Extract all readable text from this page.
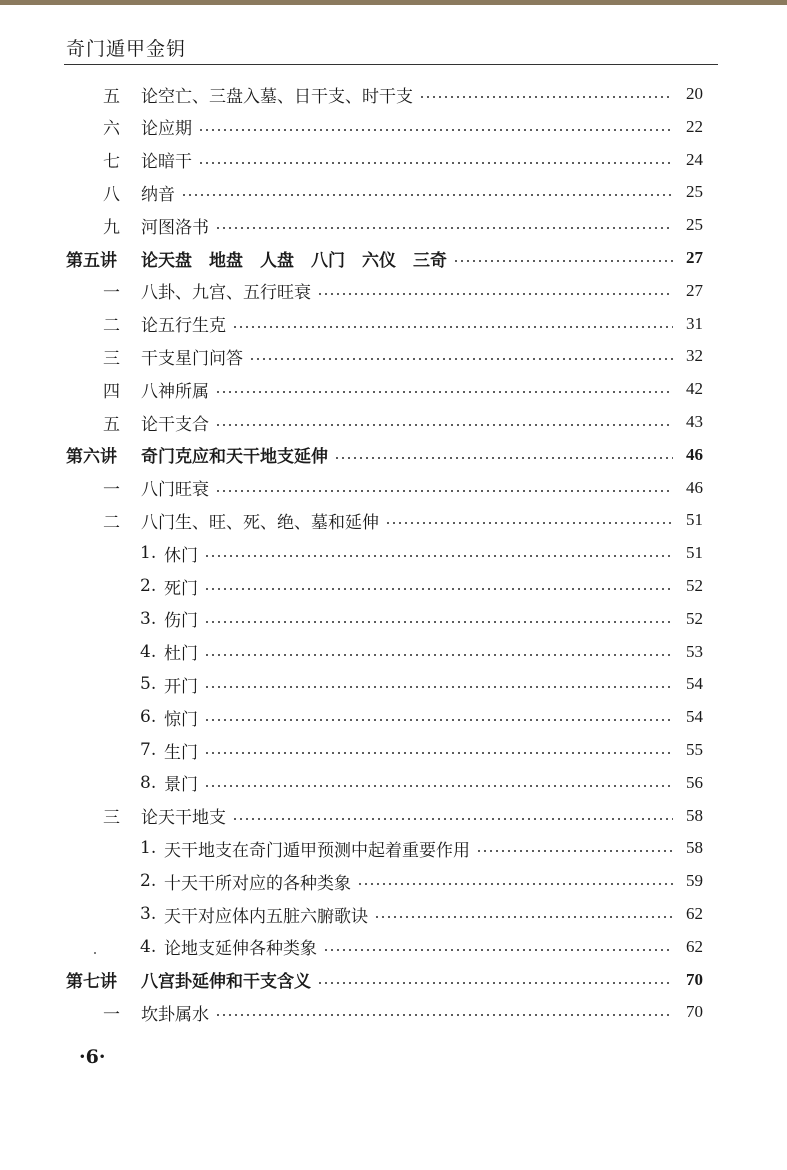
奇门遁甲金钥
五	论空亡、三盘入墓、日干支、时干支	20
六	论应期	22
七	论暗干	24
八	纳音	25
九	河图洛书	25
第五讲	论天盘　地盘　人盘　八门　六仪　三奇	27
一	八卦、九宫、五行旺衰	27
二	论五行生克	31
三	干支星门问答	32
四	八神所属	42
五	论干支合	43
第六讲	奇门克应和天干地支延伸	46
一	八门旺衰	46
二	八门生、旺、死、绝、墓和延伸	51
1. 休门	51
2. 死门	52
3. 伤门	52
4. 杜门	53
5. 开门	54
6. 惊门	54
7. 生门	55
8. 景门	56
三	论天干地支	58
1. 天干地支在奇门遁甲预测中起着重要作用	58
2. 十天干所对应的各种类象	59
3. 天干对应体内五脏六腑歌诀	62
4. 论地支延伸各种类象	62
第七讲	八宫卦延伸和干支含义	70
一	坎卦属水	70
·6·
